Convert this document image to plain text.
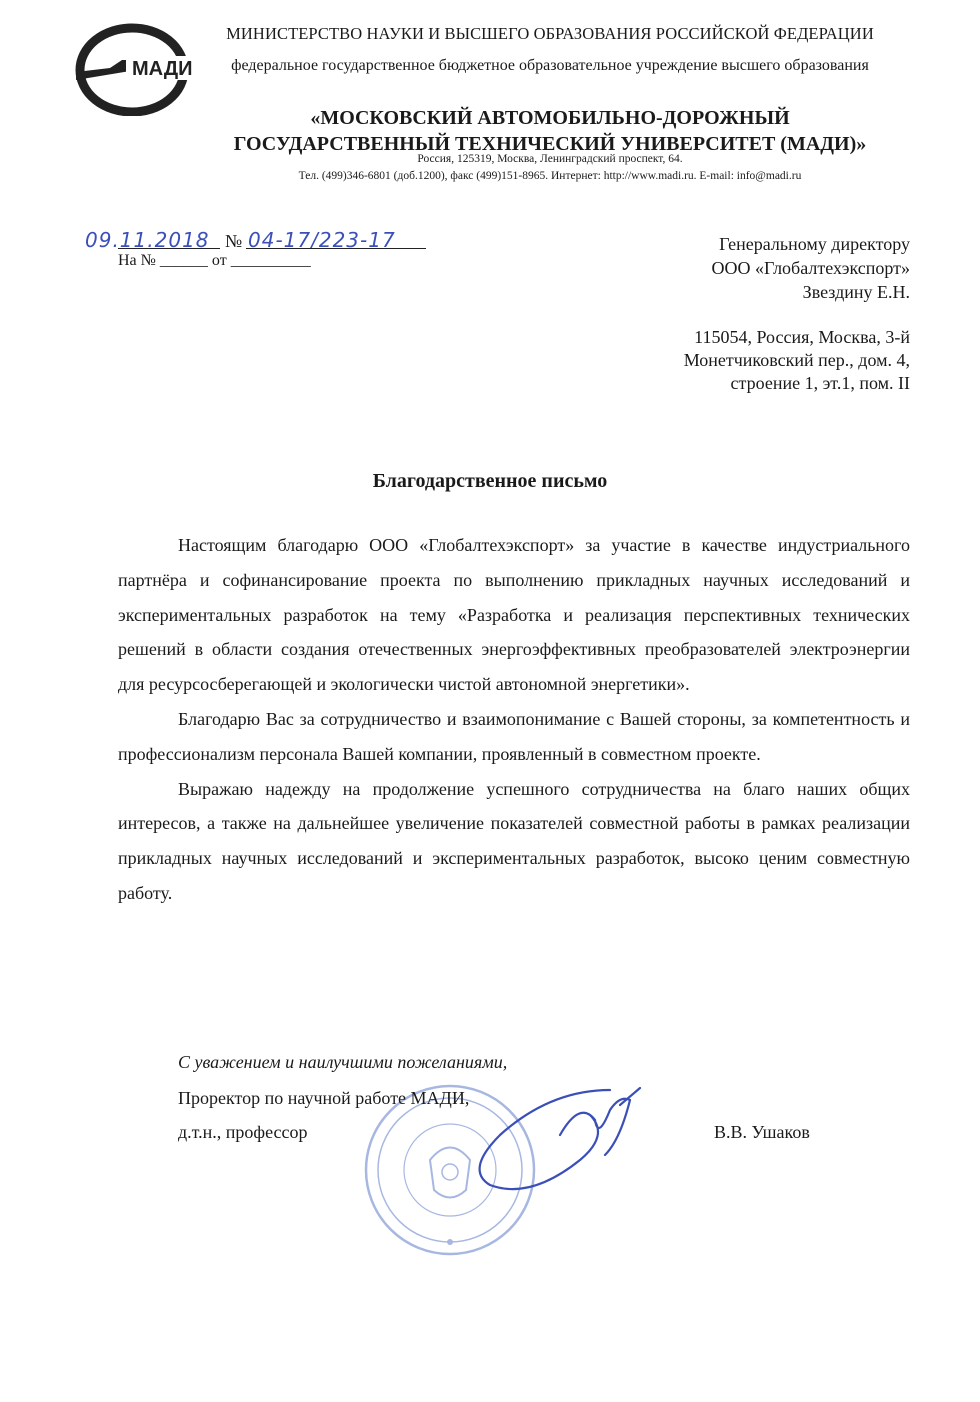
МАДИ
МИНИСТЕРСТВО НАУКИ И ВЫСШЕГО ОБРАЗОВАНИЯ РОССИЙСКОЙ ФЕДЕРАЦИИ
федеральное государственное бюджетное образовательное учреждение высшего образования
«МОСКОВСКИЙ АВТОМОБИЛЬНО-ДОРОЖНЫЙ ГОСУДАРСТВЕННЫЙ ТЕХНИЧЕСКИЙ УНИВЕРСИТЕТ (МАДИ)»
Россия, 125319, Москва, Ленинградский проспект, 64.
Тел. (499)346-6801 (доб.1200), факс (499)151-8965. Интернет: http://www.madi.ru. E-mail: info@madi.ru
09.11.2018 № 04-17/223-17
На № ______ от __________
Генеральному директору
ООО «Глобалтехэкспорт»
Звездину Е.Н.
115054, Россия, Москва, 3-й
Монетчиковский пер., дом. 4,
строение 1, эт.1, пом. II
Благодарственное письмо

Настоящим благодарю ООО «Глобалтехэкспорт» за участие в качестве индустриального партнёра и софинансирование проекта по выполнению прикладных научных исследований и экспериментальных разработок на тему «Разработка и реализация перспективных технических решений в области создания отечественных энергоэффективных преобразователей электроэнергии для ресурсосберегающей и экологически чистой автономной энергетики».

Благодарю Вас за сотрудничество и взаимопонимание с Вашей стороны, за компетентность и профессионализм персонала Вашей компании, проявленный в совместном проекте.

Выражаю надежду на продолжение успешного сотрудничества на благо наших общих интересов, а также на дальнейшее увеличение показателей совместной работы в рамках реализации прикладных научных исследований и экспериментальных разработок, высоко ценим совместную работу.

С уважением и наилучшими пожеланиями,
Проректор по научной работе МАДИ,
д.т.н., профессор	В.В. Ушаков
